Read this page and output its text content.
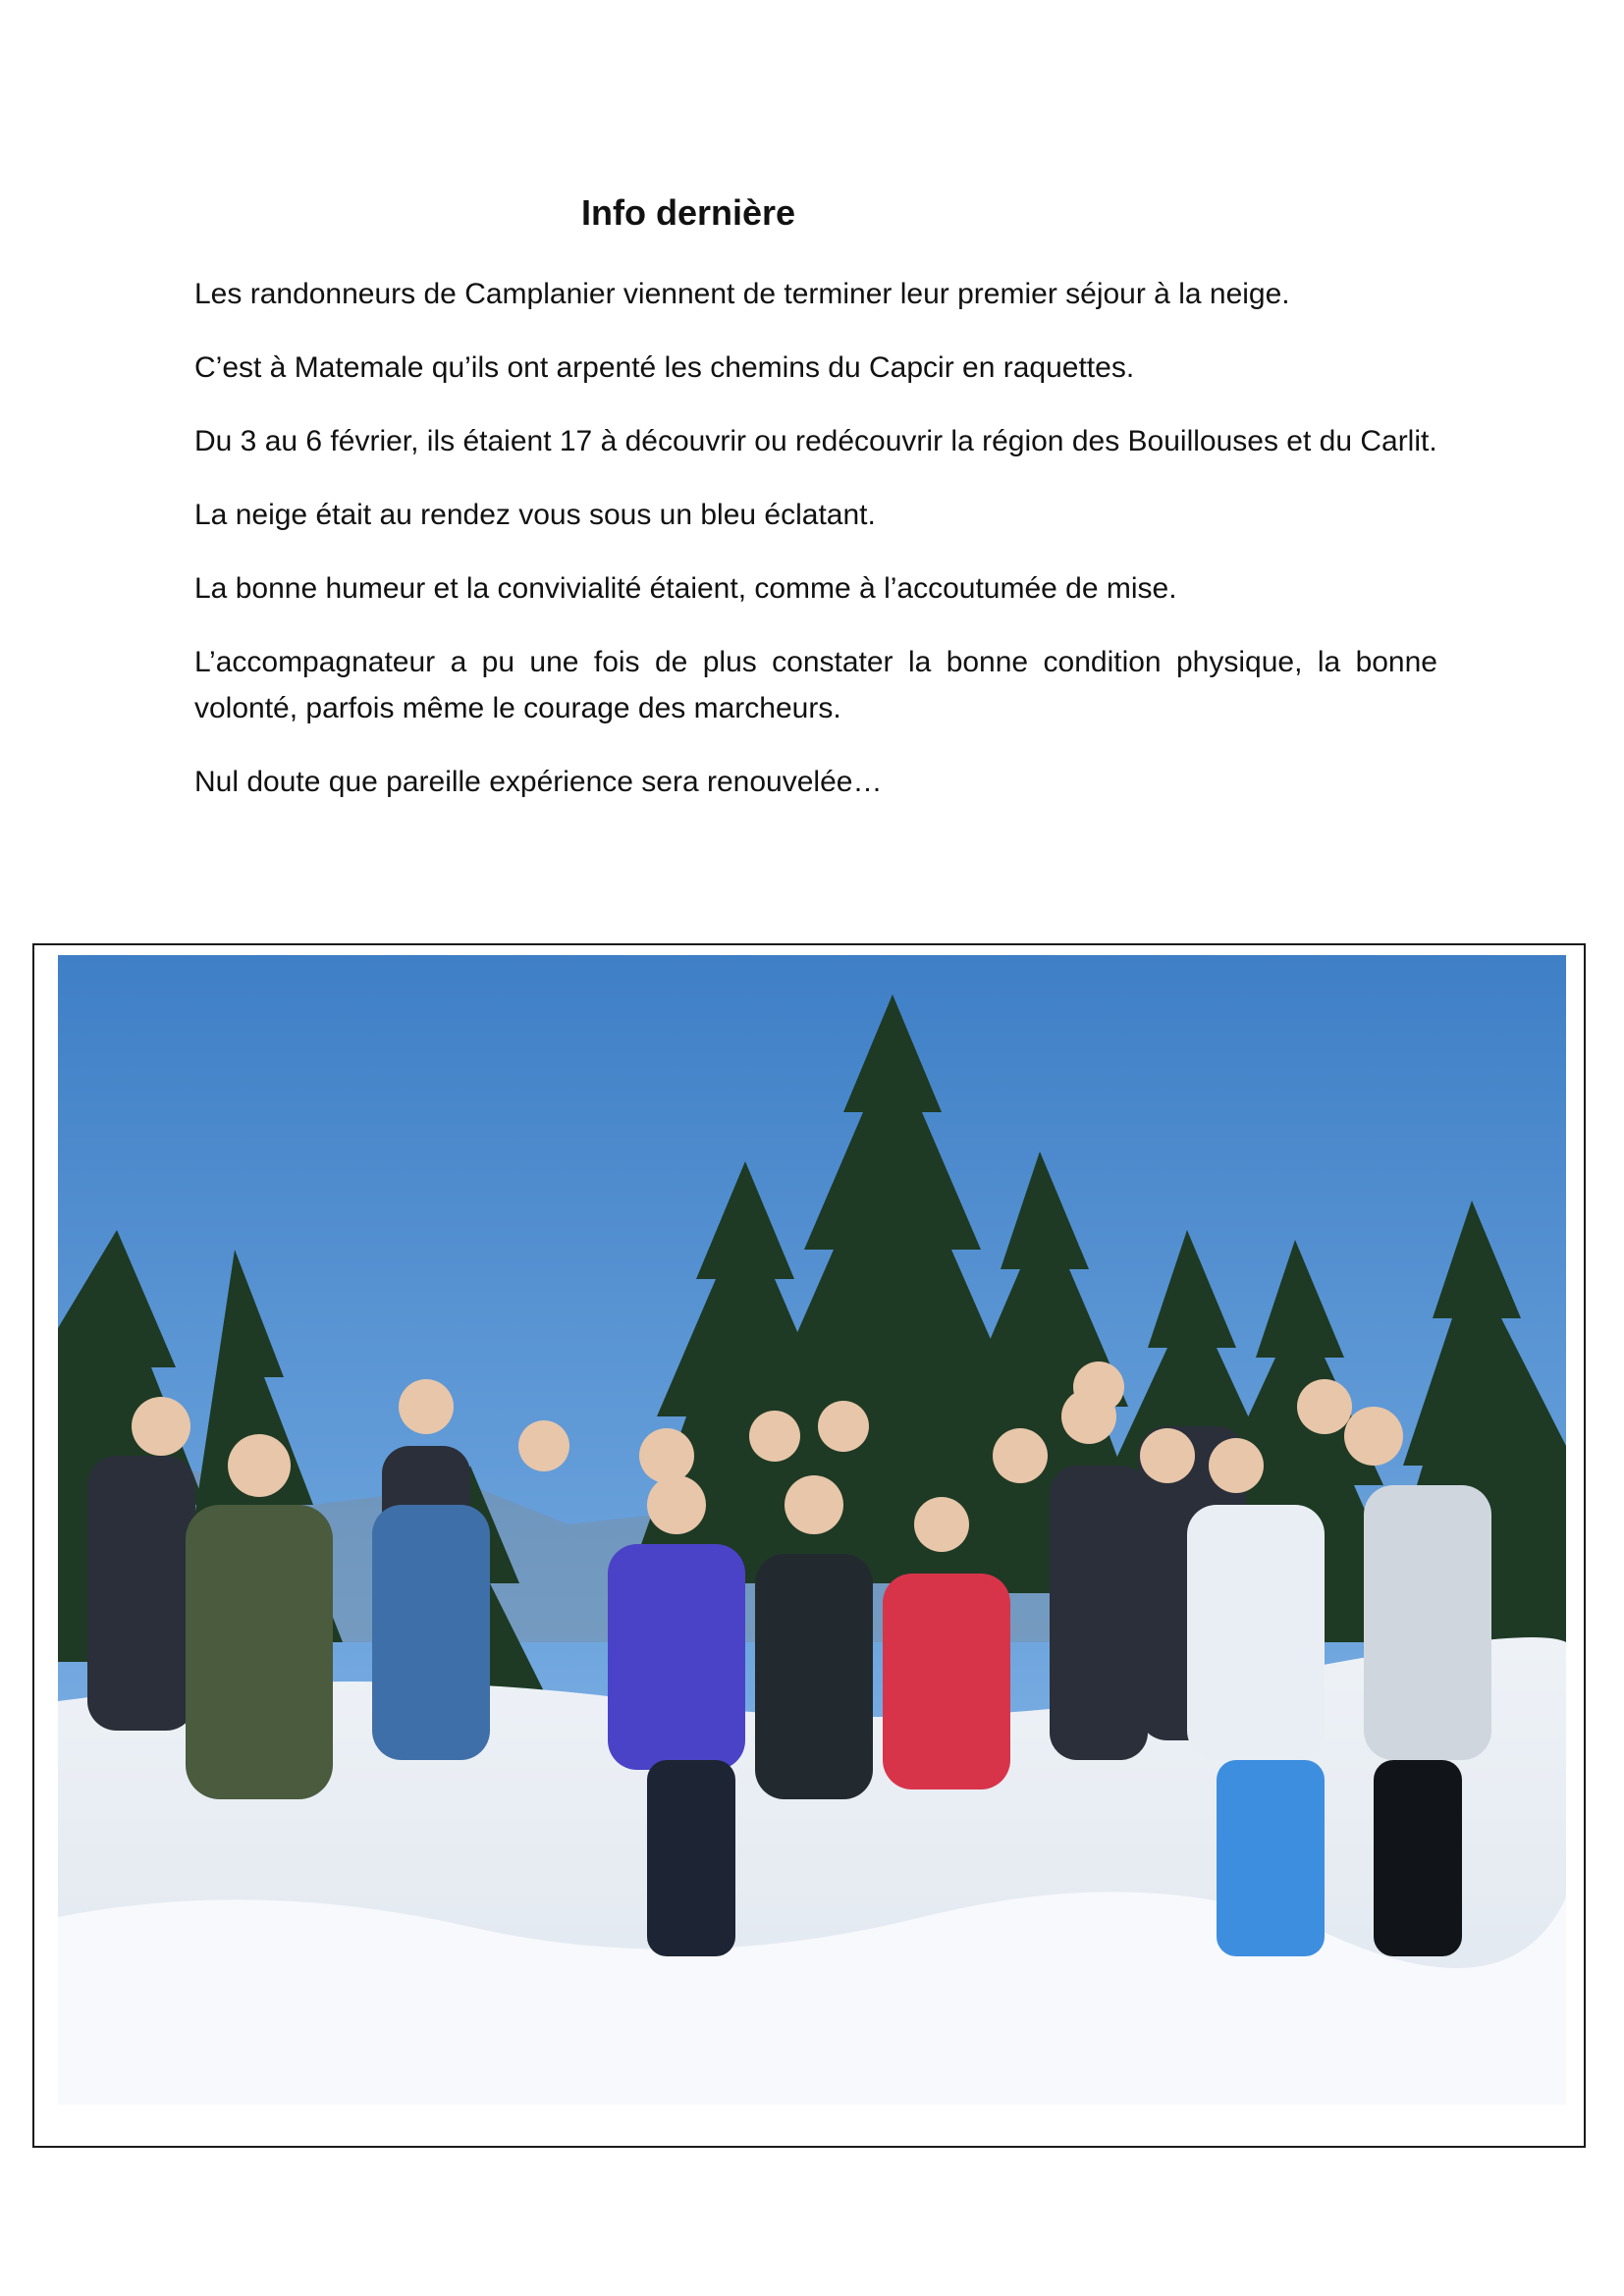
Info dernière

Les randonneurs de Camplanier viennent de terminer leur premier séjour à la neige.

C’est à Matemale qu’ils ont arpenté les chemins du Capcir en raquettes.

Du 3 au 6 février, ils étaient 17 à découvrir ou redécouvrir la région des Bouillouses et du Carlit.

La neige était au rendez vous sous un bleu éclatant.

La bonne humeur et la convivialité étaient, comme à l’accoutumée de mise.

L’accompagnateur a pu une fois de plus constater la bonne condition physique, la bonne volonté, parfois même le courage des marcheurs.

Nul doute que pareille expérience sera renouvelée…
